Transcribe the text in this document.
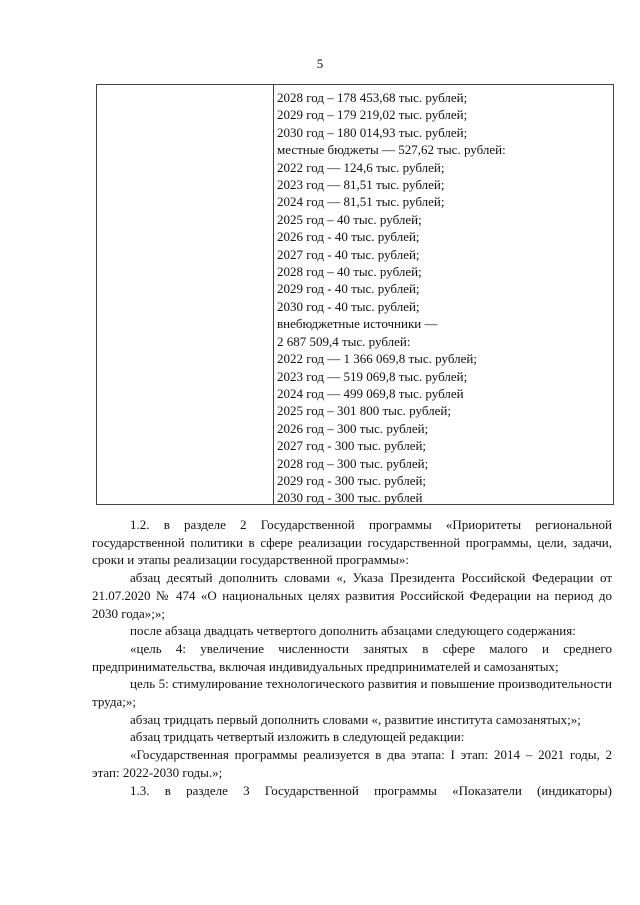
5
2028 год – 178 453,68 тыс. рублей;
2029 год – 179 219,02 тыс. рублей;
2030 год – 180 014,93 тыс. рублей;
местные бюджеты — 527,62 тыс. рублей:
2022 год — 124,6 тыс. рублей;
2023 год — 81,51 тыс. рублей;
2024 год — 81,51 тыс. рублей;
2025 год – 40 тыс. рублей;
2026 год - 40 тыс. рублей;
2027 год - 40 тыс. рублей;
2028 год – 40 тыс. рублей;
2029 год - 40 тыс. рублей;
2030 год - 40 тыс. рублей;
внебюджетные источники —
2 687 509,4 тыс. рублей:
2022 год — 1 366 069,8 тыс. рублей;
2023 год — 519 069,8 тыс. рублей;
2024 год — 499 069,8 тыс. рублей
2025 год – 301 800 тыс. рублей;
2026 год – 300 тыс. рублей;
2027 год - 300 тыс. рублей;
2028 год – 300 тыс. рублей;
2029 год - 300 тыс. рублей;
2030 год - 300 тыс. рублей

1.2. в разделе 2 Государственной программы «Приоритеты региональной государственной политики в сфере реализации государственной программы, цели, задачи, сроки и этапы реализации государственной программы»:

абзац десятый дополнить словами «, Указа Президента Российской Федерации от 21.07.2020 № 474 «О национальных целях развития Российской Федерации на период до 2030 года»;»;

после абзаца двадцать четвертого дополнить абзацами следующего содержания:

«цель 4: увеличение численности занятых в сфере малого и среднего предпринимательства, включая индивидуальных предпринимателей и самозанятых;

цель 5: стимулирование технологического развития и повышение производительности труда;»;

абзац тридцать первый дополнить словами «, развитие института самозанятых;»;

абзац тридцать четвертый изложить в следующей редакции:

«Государственная программы реализуется в два этапа: I этап: 2014 – 2021 годы, 2 этап: 2022-2030 годы.»;

1.3. в разделе 3 Государственной программы «Показатели (индикаторы)
